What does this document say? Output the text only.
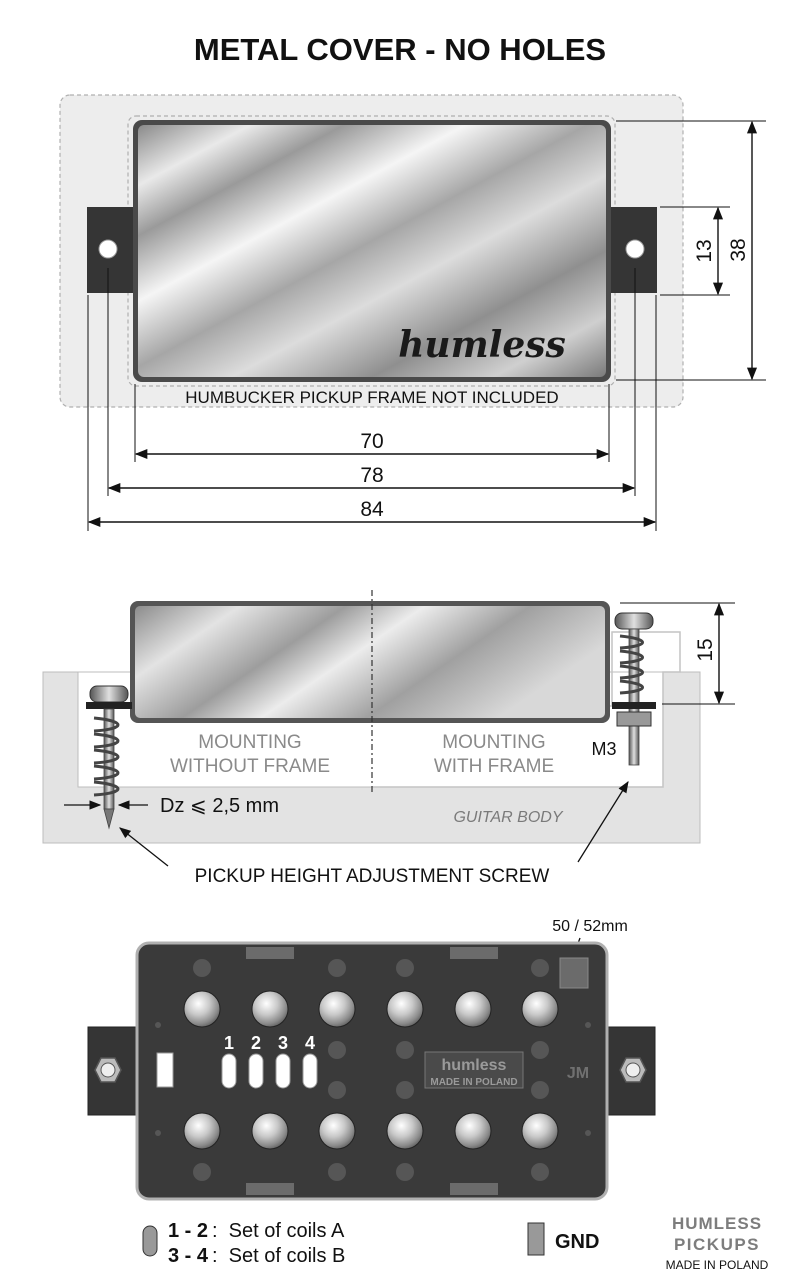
METAL COVER - NO HOLES
humless
HUMBUCKER PICKUP FRAME NOT INCLUDED
70
78
84
13 38
MOUNTING
WITHOUT FRAME
MOUNTING
WITH FRAME
M3
GUITAR BODY
Dz ⩽ 2,5 mm
15
PICKUP HEIGHT ADJUSTMENT SCREW
50 / 52mm
1 2 3 4
humless
MADE IN POLAND
JM
1 - 2 :  Set of coils A
3 - 4 :  Set of coils B
GND
HUMLESS
PICKUPS
MADE IN POLAND
